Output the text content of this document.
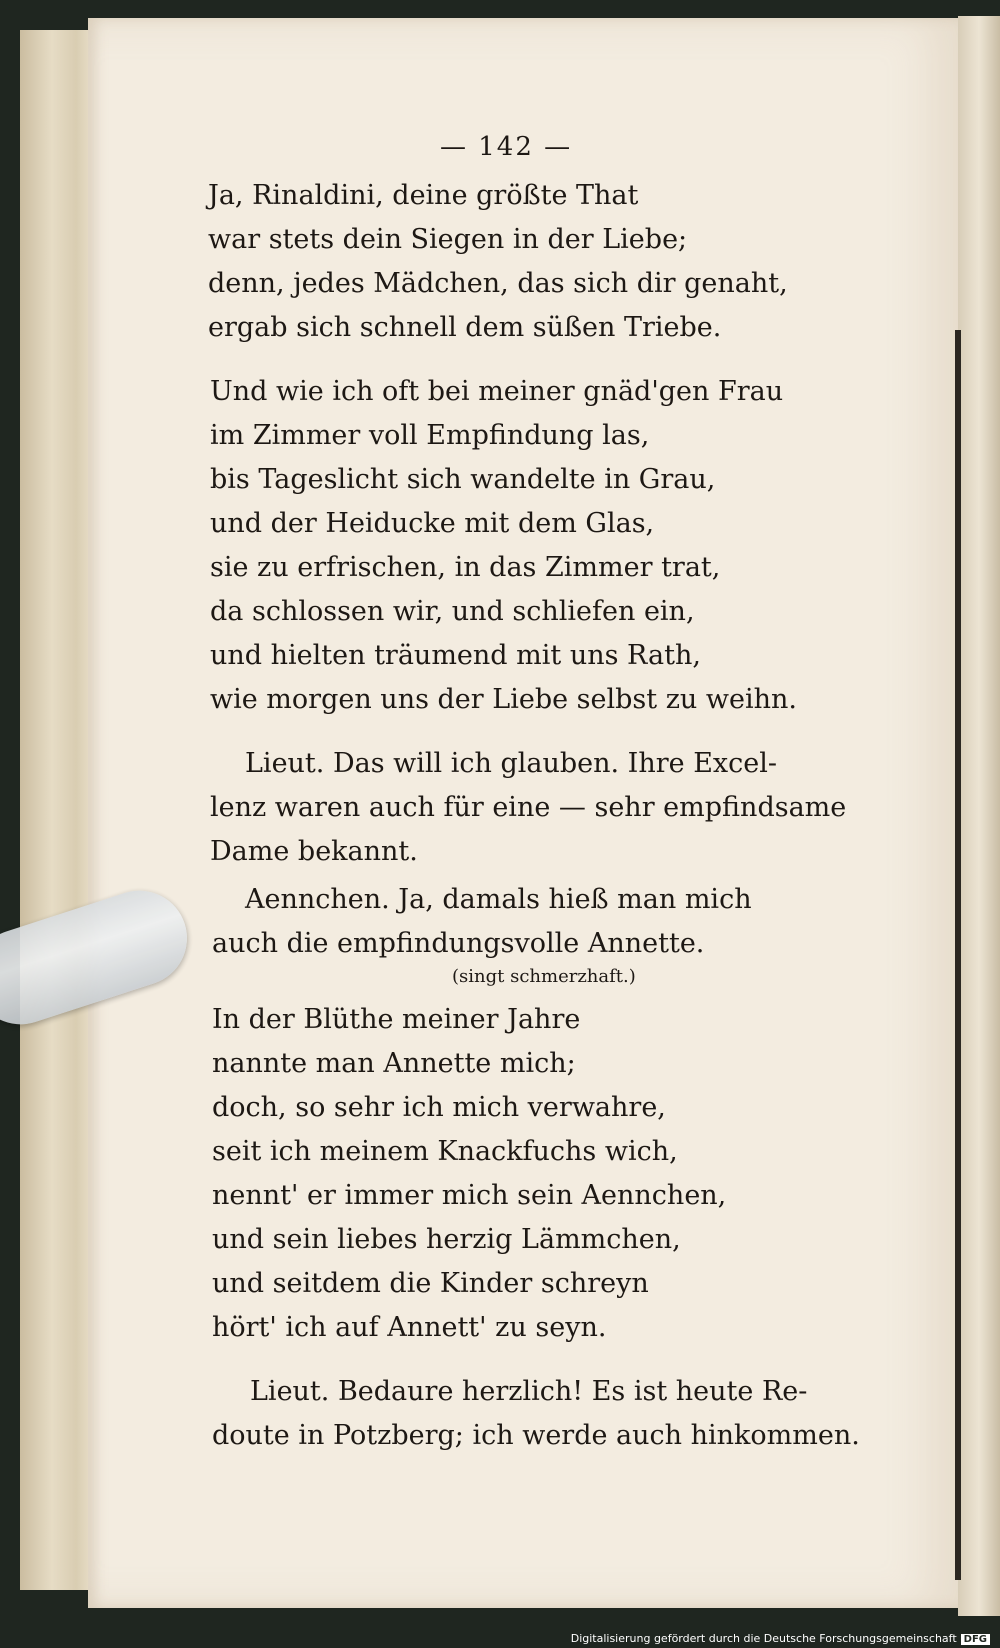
— 142 —
Ja, Rinaldini, deine größte That
war stets dein Siegen in der Liebe;
denn, jedes Mädchen, das sich dir genaht,
ergab sich schnell dem süßen Triebe.
Und wie ich oft bei meiner gnäd'gen Frau
im Zimmer voll Empfindung las,
bis Tageslicht sich wandelte in Grau,
und der Heiducke mit dem Glas,
sie zu erfrischen, in das Zimmer trat,
da schlossen wir, und schliefen ein,
und hielten träumend mit uns Rath,
wie morgen uns der Liebe selbst zu weihn.
Lieut. Das will ich glauben. Ihre Excel-
lenz waren auch für eine — sehr empfindsame
Dame bekannt.
Aennchen. Ja, damals hieß man mich
auch die empfindungsvolle Annette.
(singt schmerzhaft.)
In der Blüthe meiner Jahre
nannte man Annette mich;
doch, so sehr ich mich verwahre,
seit ich meinem Knackfuchs wich,
nennt' er immer mich sein Aennchen,
und sein liebes herzig Lämmchen,
und seitdem die Kinder schreyn
hört' ich auf Annett' zu seyn.
Lieut. Bedaure herzlich! Es ist heute Re-
doute in Potzberg; ich werde auch hinkommen.
Digitalisierung gefördert durch die Deutsche Forschungsgemeinschaft DFG
